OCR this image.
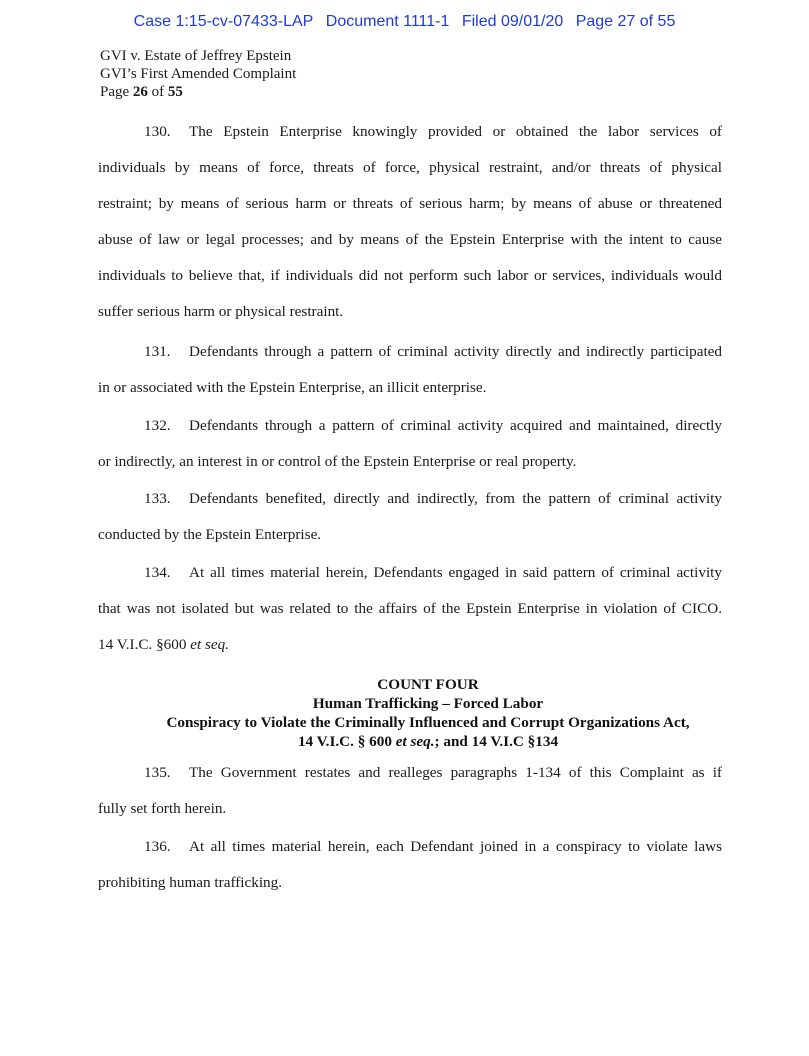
Case 1:15-cv-07433-LAP Document 1111-1 Filed 09/01/20 Page 27 of 55
GVI v. Estate of Jeffrey Epstein
GVI’s First Amended Complaint
Page 26 of 55
130. The Epstein Enterprise knowingly provided or obtained the labor services of
individuals by means of force, threats of force, physical restraint, and/or threats of physical
restraint; by means of serious harm or threats of serious harm; by means of abuse or threatened
abuse of law or legal processes; and by means of the Epstein Enterprise with the intent to cause
individuals to believe that, if individuals did not perform such labor or services, individuals would
suffer serious harm or physical restraint.
131. Defendants through a pattern of criminal activity directly and indirectly participated
in or associated with the Epstein Enterprise, an illicit enterprise.
132. Defendants through a pattern of criminal activity acquired and maintained, directly
or indirectly, an interest in or control of the Epstein Enterprise or real property.
133. Defendants benefited, directly and indirectly, from the pattern of criminal activity
conducted by the Epstein Enterprise.
134. At all times material herein, Defendants engaged in said pattern of criminal activity
that was not isolated but was related to the affairs of the Epstein Enterprise in violation of CICO.
14 V.I.C. §600 et seq.
COUNT FOUR
Human Trafficking – Forced Labor
Conspiracy to Violate the Criminally Influenced and Corrupt Organizations Act,
14 V.I.C. § 600 et seq.; and 14 V.I.C §134
135. The Government restates and realleges paragraphs 1-134 of this Complaint as if
fully set forth herein.
136. At all times material herein, each Defendant joined in a conspiracy to violate laws
prohibiting human trafficking.
